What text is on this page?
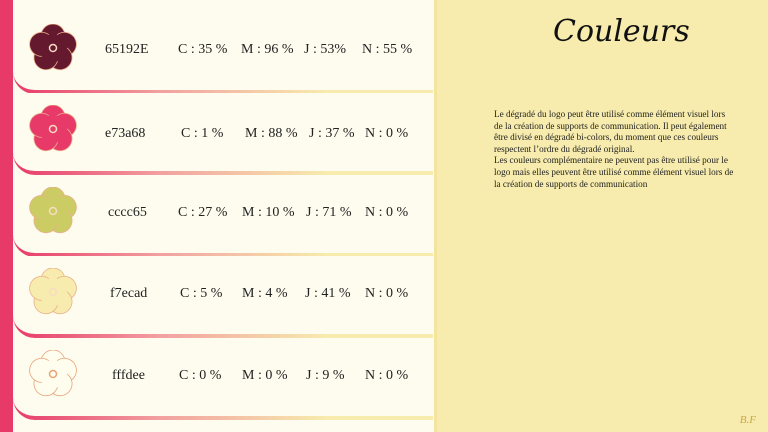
65192E C : 35 % M : 96 % J : 53% N : 55 %
e73a68	C : 1 % M : 88 % J : 37 % N : 0 %
cccc65 C : 27 % M : 10 % J : 71 % N : 0 %
f7ecad C : 5 % M : 4 % J : 41 % N : 0 %
fffdee C : 0 % M : 0 % J : 9 % N : 0 %
Couleurs
Le dégradé du logo peut être utilisé comme élément visuel lors de la création de supports de communication. Il peut également être divisé en dégradé bi-colors, du moment que ces couleurs respectent l’ordre du dégradé original.
Les couleurs complémentaire ne peuvent pas être utilisé pour le logo mais elles peuvent être utilisé comme élément visuel lors de la création de supports de communication
B.F
